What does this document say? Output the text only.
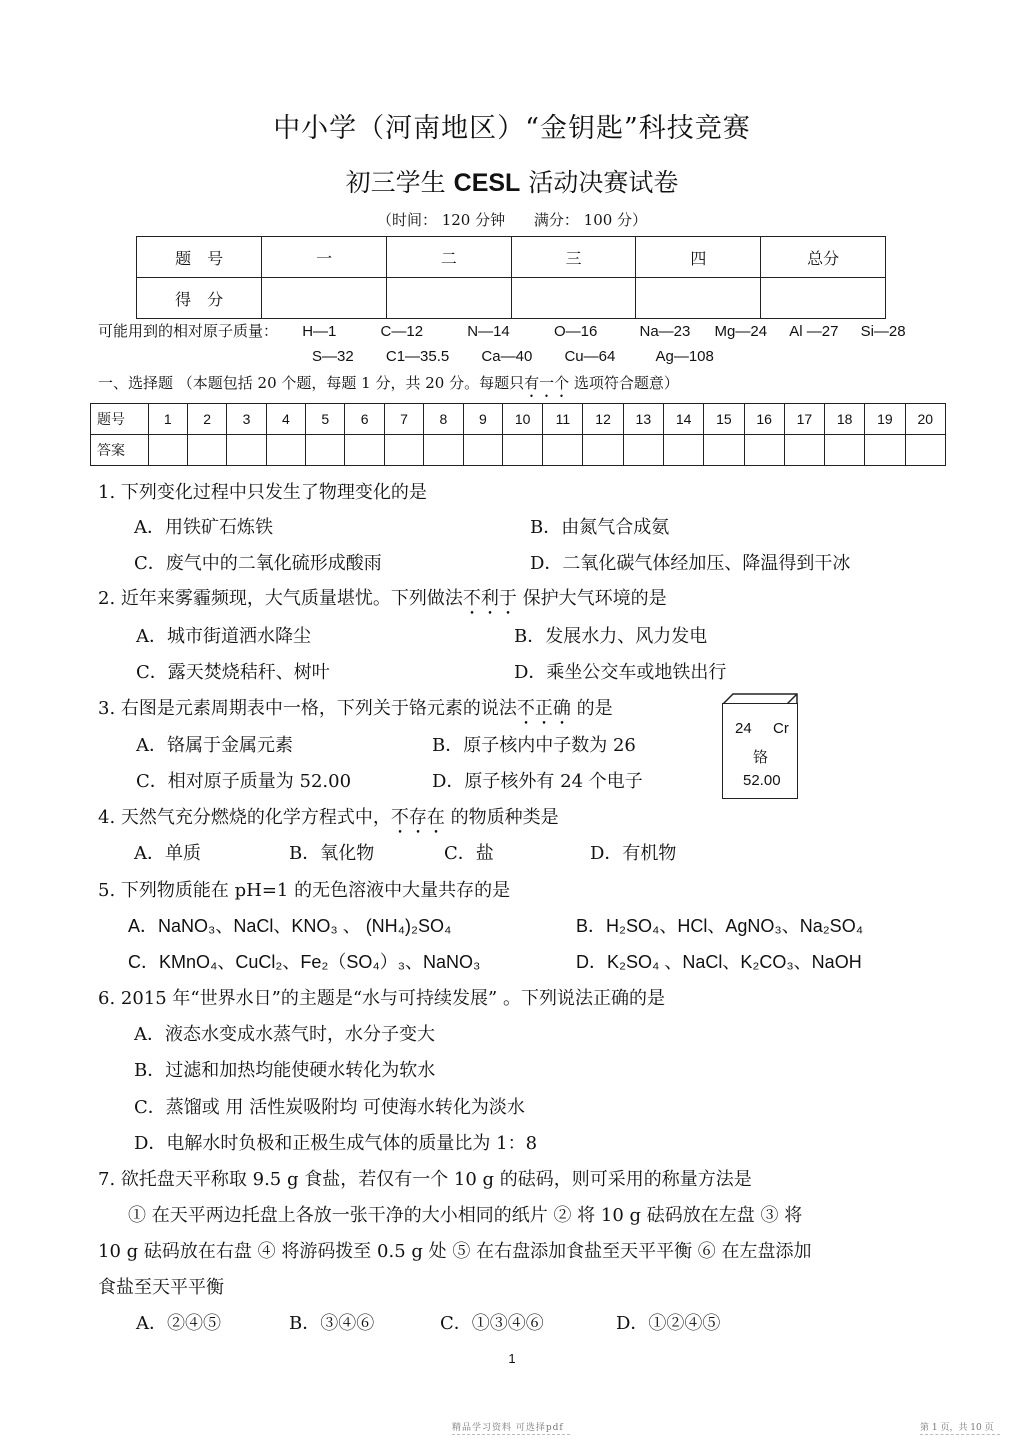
中小学（河南地区）“金钥匙”科技竞赛
初三学生 CESL 活动决赛试卷
（时间： 120 分钟 满分： 100 分）
题　号	一	二	三	四	总分
得　分					
可能用到的相对原子质量： H—1	C—12	N—14	O—16	Na—23 Mg—24 Al —27 Si—28
S—32 C1—35.5 Ca—40 Cu—64	Ag—108
一、选择题 （本题包括 20 个题，每题 1 分，共 20 分。每题只有一个 选项符合题意）
题号	1	2	3	4	5	6	7	8	9	10	11	12	13	14	15	16	17	18	19	20
答案																				
1. 下列变化过程中只发生了物理变化的是
A．用铁矿石炼铁	B．由氮气合成氨
C．废气中的二氧化硫形成酸雨	D．二氧化碳气体经加压、降温得到干冰
2. 近年来雾霾频现，大气质量堪忧。下列做法不利于 保护大气环境的是
A．城市街道洒水降尘	B．发展水力、风力发电
C．露天焚烧秸秆、树叶	D．乘坐公交车或地铁出行
3. 右图是元素周期表中一格，下列关于铬元素的说法不正确 的是
A．铬属于金属元素	B．原子核内中子数为 26
C．相对原子质量为 52.00	D．原子核外有 24 个电子
24 Cr
铬
52.00
4. 天然气充分燃烧的化学方程式中，不存在 的物质种类是
A．单质	B．氧化物	C．盐	D．有机物
5. 下列物质能在 pH=1 的无色溶液中大量共存的是
A．NaNO₃、NaCl、KNO₃ 、 (NH₄)₂SO₄	B．H₂SO₄、HCl、AgNO₃、Na₂SO₄
C．KMnO₄、CuCl₂、Fe₂（SO₄）₃、NaNO₃	D．K₂SO₄ 、NaCl、K₂CO₃、NaOH
6. 2015 年“世界水日”的主题是“水与可持续发展” 。下列说法正确的是
A．液态水变成水蒸气时，水分子变大
B．过滤和加热均能使硬水转化为软水
C．蒸馏或 用 活性炭吸附均 可使海水转化为淡水
D．电解水时负极和正极生成气体的质量比为 1：8
7. 欲托盘天平称取 9.5 g 食盐，若仅有一个 10 g 的砝码，则可采用的称量方法是
① 在天平两边托盘上各放一张干净的大小相同的纸片 ② 将 10 g 砝码放在左盘 ③ 将
10 g 砝码放在右盘 ④ 将游码拨至 0.5 g 处 ⑤ 在右盘添加食盐至天平平衡 ⑥ 在左盘添加
食盐至天平平衡
A．②④⑤	B．③④⑥	C．①③④⑥	D．①②④⑤
1
精品学习资料 可选择pdf	第 1 页，共 10 页
